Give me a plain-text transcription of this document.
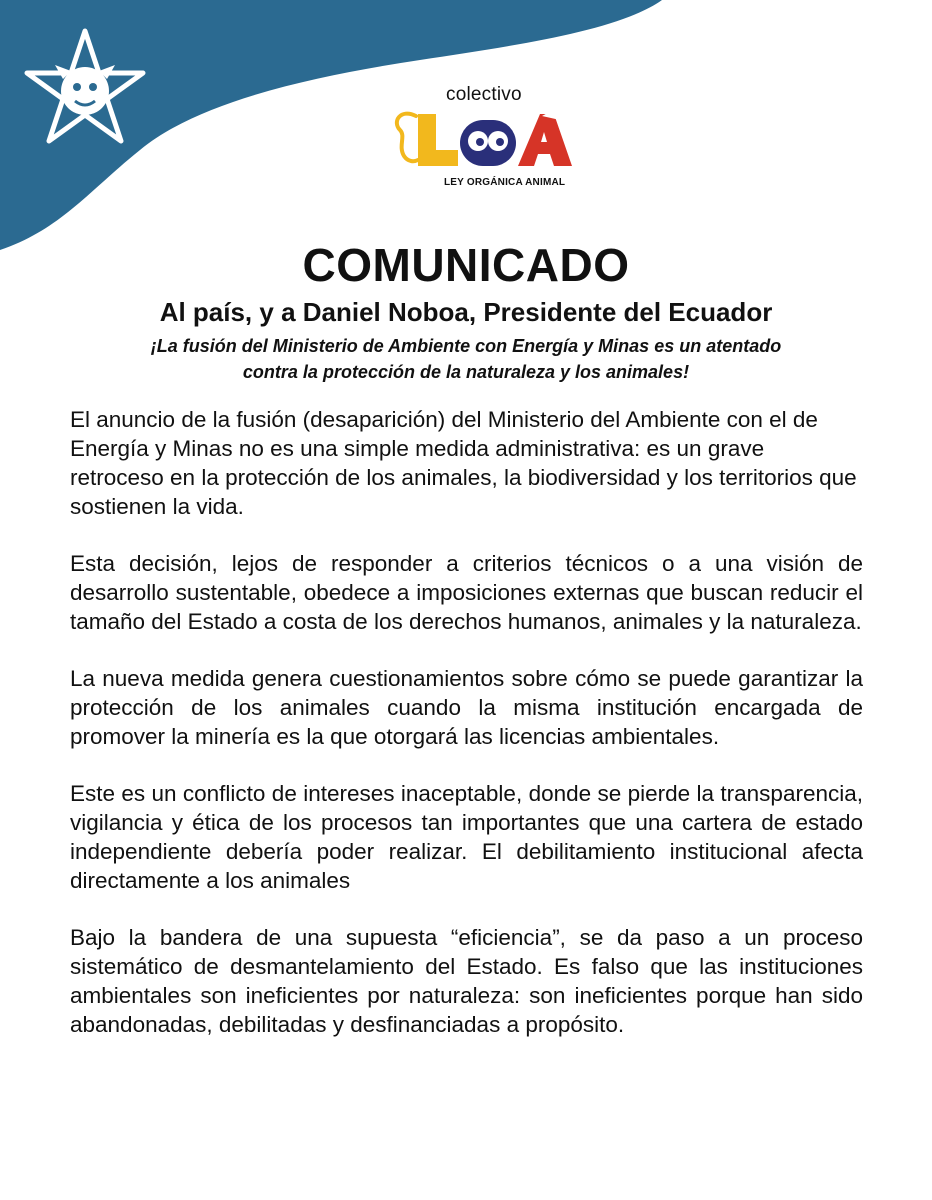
colectivo
LEY ORGÁNICA ANIMAL
COMUNICADO
Al país, y a Daniel Noboa, Presidente del Ecuador
¡La fusión del Ministerio de Ambiente con Energía y Minas es un atentado
contra la protección de la naturaleza y los animales!

El anuncio de la fusión (desaparición) del Ministerio del Ambiente con el de Energía y Minas no es una simple medida administrativa: es un grave retroceso en la protección de los animales, la biodiversidad y los territorios que sostienen la vida.

Esta decisión, lejos de responder a criterios técnicos o a una visión de desarrollo sustentable, obedece a imposiciones externas que buscan reducir el tamaño del Estado a costa de los derechos humanos, animales y la naturaleza.

La nueva medida genera cuestionamientos sobre cómo se puede garantizar la protección de los animales cuando la misma institución encargada de promover la minería es la que otorgará las licencias ambientales.

Este es un conflicto de intereses inaceptable, donde se pierde la transparencia, vigilancia y ética de los procesos tan importantes que una cartera de estado independiente debería poder realizar. El debilitamiento institucional afecta directamente a los animales

Bajo la bandera de una supuesta “eficiencia”, se da paso a un proceso sistemático de desmantelamiento del Estado. Es falso que las instituciones ambientales son ineficientes por naturaleza: son ineficientes porque han sido abandonadas, debilitadas y desfinanciadas a propósito.
